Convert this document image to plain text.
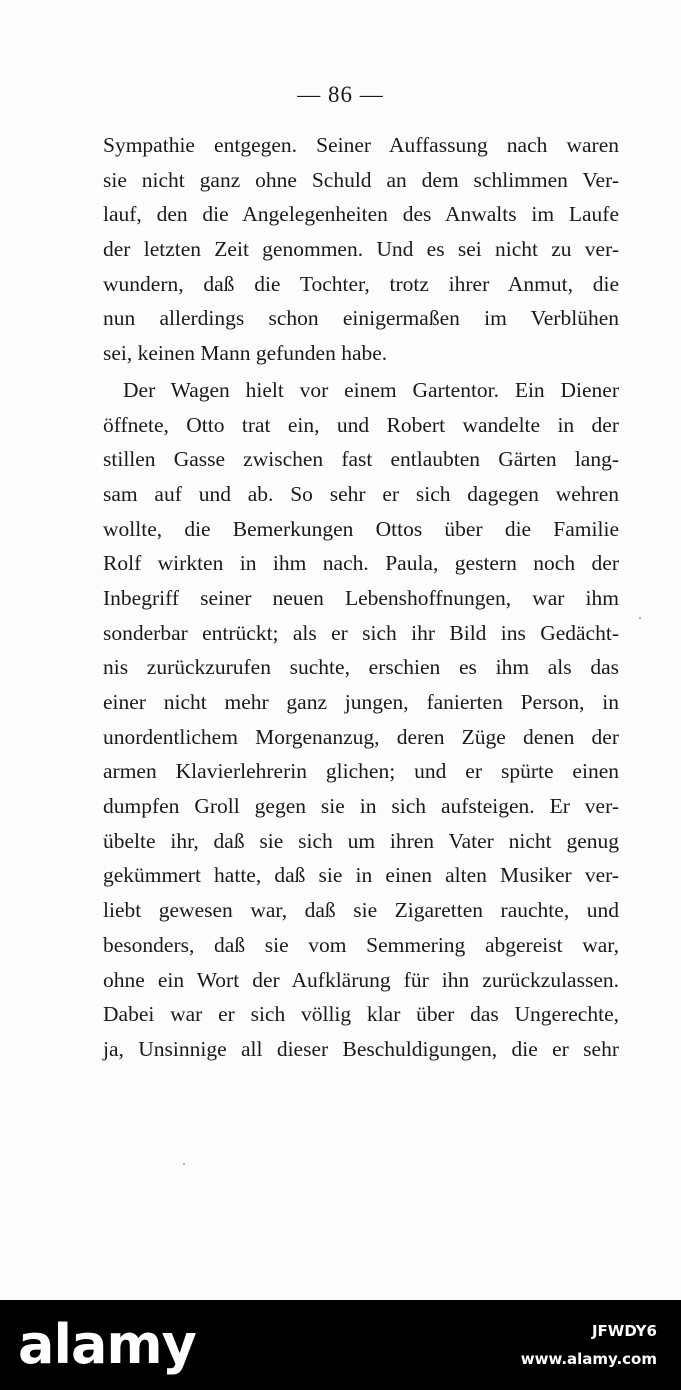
— 86 —
Sympathie entgegen. Seiner Auffassung nach waren
sie nicht ganz ohne Schuld an dem schlimmen Ver-
lauf, den die Angelegenheiten des Anwalts im Laufe
der letzten Zeit genommen. Und es sei nicht zu ver-
wundern, daß die Tochter, trotz ihrer Anmut, die
nun allerdings schon einigermaßen im Verblühen
sei, keinen Mann gefunden habe.
Der Wagen hielt vor einem Gartentor. Ein Diener
öffnete, Otto trat ein, und Robert wandelte in der
stillen Gasse zwischen fast entlaubten Gärten lang-
sam auf und ab. So sehr er sich dagegen wehren
wollte, die Bemerkungen Ottos über die Familie
Rolf wirkten in ihm nach. Paula, gestern noch der
Inbegriff seiner neuen Lebenshoffnungen, war ihm
sonderbar entrückt; als er sich ihr Bild ins Gedächt-
nis zurückzurufen suchte, erschien es ihm als das
einer nicht mehr ganz jungen, fanierten Person, in
unordentlichem Morgenanzug, deren Züge denen der
armen Klavierlehrerin glichen; und er spürte einen
dumpfen Groll gegen sie in sich aufsteigen. Er ver-
übelte ihr, daß sie sich um ihren Vater nicht genug
gekümmert hatte, daß sie in einen alten Musiker ver-
liebt gewesen war, daß sie Zigaretten rauchte, und
besonders, daß sie vom Semmering abgereist war,
ohne ein Wort der Aufklärung für ihn zurückzulassen.
Dabei war er sich völlig klar über das Ungerechte,
ja, Unsinnige all dieser Beschuldigungen, die er sehr
alamy	JFWDY6
www.alamy.com
